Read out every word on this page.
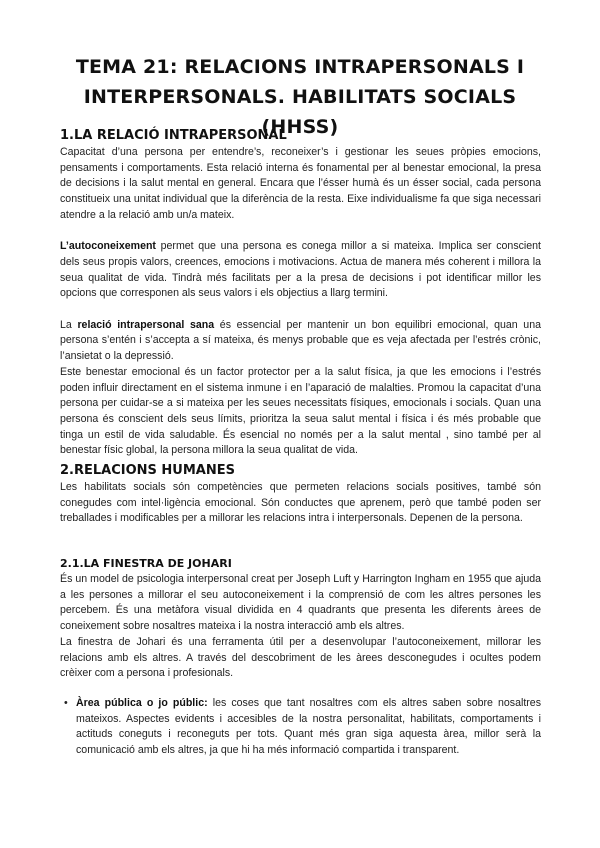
TEMA 21: RELACIONS INTRAPERSONALS I INTERPERSONALS. HABILITATS SOCIALS (HHSS)
1.LA RELACIÓ INTRAPERSONAL

Capacitat d’una persona per entendre’s, reconeixer’s i gestionar les seues pròpies emocions, pensaments i comportaments. Esta relació interna és fonamental per al benestar emocional, la presa de decisions i la salut mental en general. Encara que l’ésser humà és un ésser social, cada persona constitueix una unitat individual que la diferència de la resta. Eixe individualisme fa que siga necessari atendre a la relació amb un/a mateix.

L’autoconeixement permet que una persona es conega millor a si mateixa. Implica ser conscient dels seus propis valors, creences, emocions i motivacions. Actua de manera més coherent i millora la seua qualitat de vida. Tindrà més facilitats per a la presa de decisions i pot identificar millor les opcions que corresponen als seus valors i els objectius a llarg termini.

La relació intrapersonal sana és essencial per mantenir un bon equilibri emocional, quan una persona s’entén i s’accepta a sí mateixa, és menys probable que es veja afectada per l’estrés crònic, l’ansietat o la depressió.

Este benestar emocional és un factor protector per a la salut física, ja que les emocions i l’estrés poden influir directament en el sistema inmune i en l’aparació de malalties. Promou la capacitat d’una persona per cuidar-se a si mateixa per les seues necessitats físiques, emocionals i socials. Quan una persona és conscient dels seus límits, prioritza la seua salut mental i física i és més probable que tinga un estil de vida saludable. És esencial no només per a la salut mental , sino també per al benestar físic global, la persona millora la seua qualitat de vida.

2.RELACIONS HUMANES

Les habilitats socials són competències que permeten relacions socials positives, també són conegudes com intel·ligència emocional. Són conductes que aprenem, però que també poden ser treballades i modificables per a millorar les relacions intra i interpersonals. Depenen de la persona.

2.1.LA FINESTRA DE JOHARI

És un model de psicologia interpersonal creat per Joseph Luft y Harrington Ingham en 1955 que ajuda a les persones a millorar el seu autoconeixement i la comprensió de com les altres persones les percebem. És una metàfora visual dividida en 4 quadrants que presenta les diferents àrees de coneixement sobre nosaltres mateixa i la nostra interacció amb els altres.

La finestra de Johari és una ferramenta útil per a desenvolupar l’autoconeixement, millorar les relacions amb els altres. A través del descobriment de les àrees desconegudes i ocultes podem crèixer com a persona i profesionals.

• Àrea pública o jo públic: les coses que tant nosaltres com els altres saben sobre nosaltres mateixos. Aspectes evidents i accesibles de la nostra personalitat, habilitats, comportaments i actituds coneguts i reconeguts per tots. Quant més gran siga aquesta àrea, millor serà la comunicació amb els altres, ja que hi ha més informació compartida i transparent.
